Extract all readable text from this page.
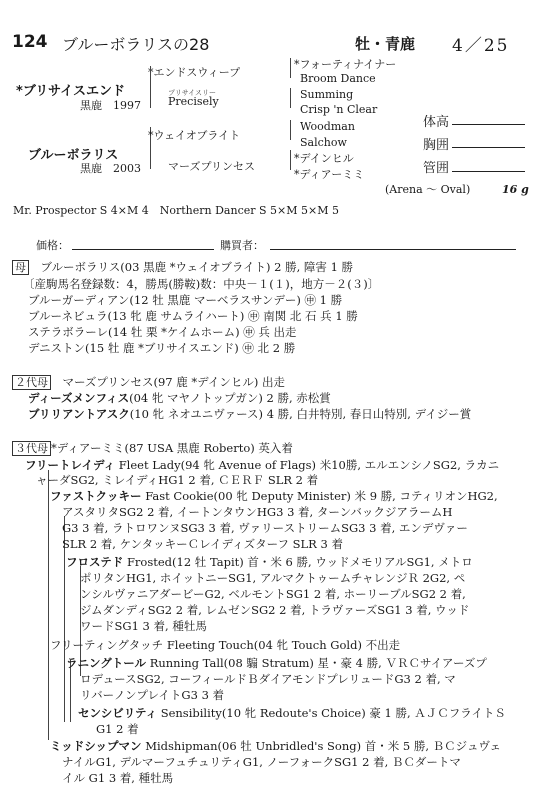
124 ブルーボラリスの28	牡・青鹿 4／25
*ブリサイスエンド
黒鹿　 1997
*エンドスウィープ
プリサイスリー
Precisely
*フォーティナイナー
Broom Dance
Summing
Crisp 'n Clear
Woodman
Salchow
*デインヒル
*ディアーミミ
ブルーボラリス
黒鹿　 2003
*ウェイオブライト
マーズプリンセス
体高
胸囲
管囲
(Arena 〜 Oval)	16 g
Mr. Prospector S 4×M 4　Northern Dancer S 5×M 5×M 5
価格：	購買者：
母　 ブルーボラリス(03 黒鹿 *ウェイオブライト) 2 勝, 障害 1 勝
〔産駒馬名登録数：4，勝馬(勝鞍)数：中央－１(１)，地方－２(３)〕
ブルーガーディアン(12 牡 黒鹿 マーベラスサンデー) ㊥ 1 勝
ブルーネビュラ(13 牝 鹿 サムライハート) ㊥ 南関 北 石 兵 1 勝
ステラボラーレ(14 牡 栗 *ケイムホーム) ㊥ 兵 出走
デニストン(15 牡 鹿 *ブリサイスエンド) ㊥ 北 2 勝
２代母　 マーズプリンセス(97 鹿 *デインヒル) 出走
ディーズメンフィス(04 牝 マヤノトップガン) 2 勝, 赤松賞
ブリリアントアスク(10 牝 ネオユニヴァース) 4 勝, 白井特別, 春日山特別, デイジー賞
３代母 *ディアーミミ(87 USA 黒鹿 Roberto) 英入着
フリートレイディ Fleet Lady(94 牝 Avenue of Flags) 米10勝, エルエンシノSG2, ラカニ
ャーダSG2, ミレイディHG1 2 着, ＣＥＲＦ SLR 2 着
ファストクッキー Fast Cookie(00 牝 Deputy Minister) 米 9 勝, コティリオンHG2,
アスタリタSG2 2 着, イートンタウンHG3 3 着, ターンバックジアラームH
G3 3 着, ラトロワンヌSG3 3 着, ヴァリーストリームSG3 3 着, エンデヴァー
SLR 2 着, ケンタッキーＣレイディズターフ SLR 3 着
フロステド Frosted(12 牡 Tapit) 首・米 6 勝, ウッドメモリアルSG1, メトロ
ポリタンHG1, ホイットニーSG1, アルマクトゥームチャレンジＲ 2G2, ペ
ンシルヴァニアダービーG2, ベルモントSG1 2 着, ホーリーブルSG2 2 着,
ジムダンディSG2 2 着, レムゼンSG2 2 着, トラヴァーズSG1 3 着, ウッド
ワードSG1 3 着, 種牡馬
フリーティングタッチ Fleeting Touch(04 牝 Touch Gold) 不出走
ラニングトール Running Tall(08 騸 Stratum) 星・豪 4 勝, ＶＲＣサイアーズプ
ロデュースSG2, コーフィールドＢダイアモンドプレリュードG3 2 着, マ
リバーノンプレイトG3 3 着
センシビリティ Sensibility(10 牝 Redoute's Choice) 豪 1 勝, ＡＪＣフライトＳ
G1 2 着
ミッドシップマン Midshipman(06 牡 Unbridled's Song) 首・米 5 勝, ＢＣジュヴェ
ナイルG1, デルマーフュチュリティG1, ノーフォークSG1 2 着, ＢＣダートマ
イル G1 3 着, 種牡馬
